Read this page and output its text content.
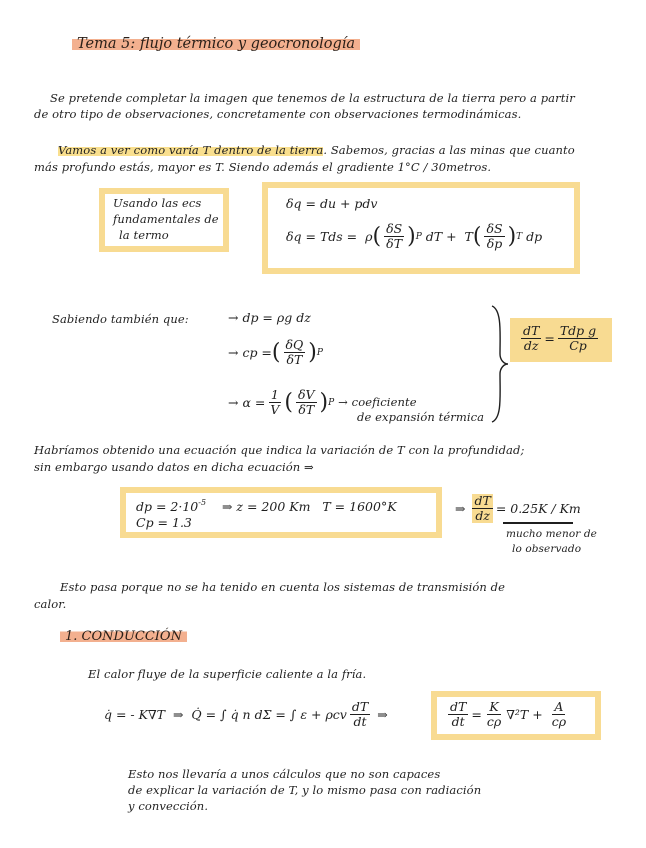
Tema 5: flujo térmico y geocronología
Se pretende completar la imagen que tenemos de la estructura de la tierra pero a partir
de otro tipo de observaciones, concretamente con observaciones termodinámicas.
Vamos a ver como varía T dentro de la tierra. Sabemos, gracias a las minas que cuanto
más profundo estás, mayor es T. Siendo además el gradiente 1°C / 30metros.
Usando las ecs
fundamentales de
la termo
δq = du + pdv
δq = Tds =
ρ ( $\frac{\delta S}{\delta T}$ ) P
dT +
T ( $\frac{\delta S}{\delta p}$ ) T
dp
Sabiendo también que:	→ dp = ρg dz
→ cp = ( $\frac{\delta Q}{\delta T}$ ) P
→ $\alpha = \frac{1}{V}$ ( $\frac{\delta V}{\delta T}$ ) P
→ coeficiente
de expansión térmica
$\frac{dT}{dz} = \frac{\text{Tdp g}}{Cp}$
Habríamos obtenido una ecuación que indica la variación de T con la profundidad;
sin embargo usando datos en dicha ecuación ⇒
dp = $2\cdot 10^{-5}$ ⇒ z = 200 Km T = 1600°K
Cp = 1.3
⇒
$\frac{dT}{dz} = 0.25K / Km$
mucho menor de
lo observado
Esto pasa porque no se ha tenido en cuenta los sistemas de transmisión de
calor.
1. CONDUCCIÓN
El calor fluye de la superficie caliente a la fría.
q̇ = - K∇T
⇒
Q̇ = ∫ q̇ n dΣ = ∫ ε + ρcv $\frac{dT}{dt}$
⇒	$\frac{dT}{dt} = \frac{K}{c\rho} \nabla^2T$ +
$\frac{A}{c\rho}$
Esto nos llevaría a unos cálculos que no son capaces
de explicar la variación de T, y lo mismo pasa con radiación
y convección.
